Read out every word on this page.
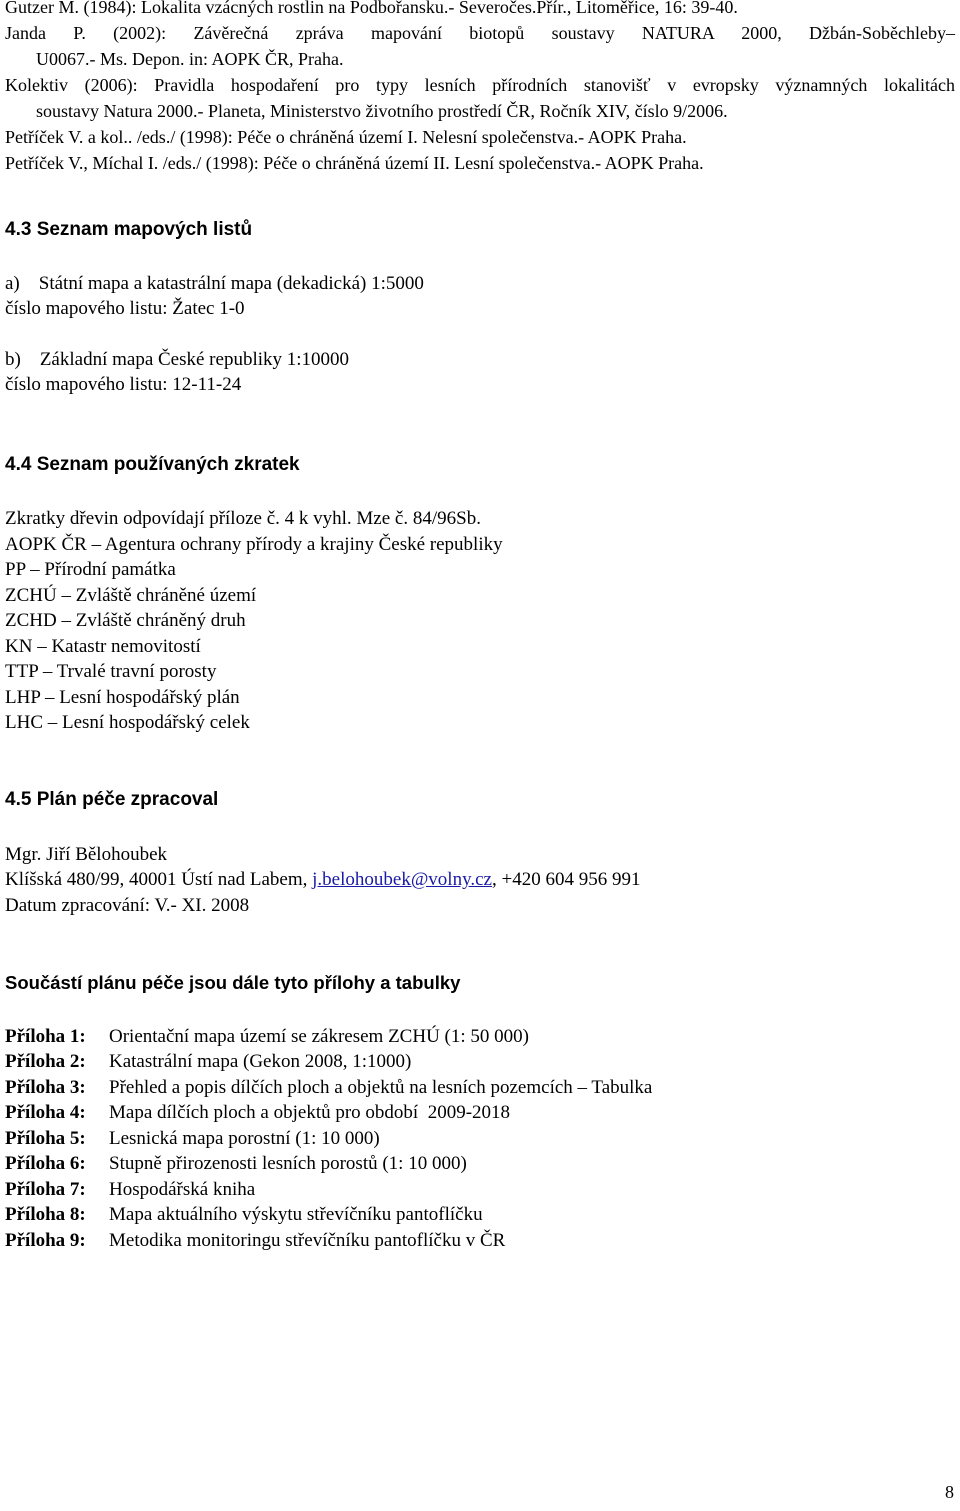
Gutzer M. (1984): Lokalita vzácných rostlin na Podbořansku.- Severočes.Přír., Litoměřice, 16: 39-40.
Janda P. (2002): Závěrečná zpráva mapování biotopů soustavy NATURA 2000, Džbán-Soběchleby–
U0067.- Ms. Depon. in: AOPK ČR, Praha.
Kolektiv (2006): Pravidla hospodaření pro typy lesních přírodních stanovišť v evropsky významných lokalitách
soustavy Natura 2000.- Planeta, Ministerstvo životního prostředí ČR, Ročník XIV, číslo 9/2006.
Petříček V. a kol.. /eds./ (1998): Péče o chráněná území I. Nelesní společenstva.- AOPK Praha.
Petříček V., Míchal I. /eds./ (1998): Péče o chráněná území II. Lesní společenstva.- AOPK Praha.
4.3 Seznam mapových listů
a)    Státní mapa a katastrální mapa (dekadická) 1:5000
číslo mapového listu: Žatec 1-0
b)    Základní mapa České republiky 1:10000
číslo mapového listu: 12-11-24
4.4 Seznam používaných zkratek
Zkratky dřevin odpovídají příloze č. 4 k vyhl. Mze č. 84/96Sb.
AOPK ČR – Agentura ochrany přírody a krajiny České republiky
PP – Přírodní památka
ZCHÚ – Zvláště chráněné území
ZCHD – Zvláště chráněný druh
KN – Katastr nemovitostí
TTP – Trvalé travní porosty
LHP – Lesní hospodářský plán
LHC – Lesní hospodářský celek
4.5 Plán péče zpracoval
Mgr. Jiří Bělohoubek
Klíšská 480/99, 40001 Ústí nad Labem, j.belohoubek@volny.cz, +420 604 956 991
Datum zpracování: V.- XI. 2008
Součástí plánu péče jsou dále tyto přílohy a tabulky
Příloha 1: Orientační mapa území se zákresem ZCHÚ (1: 50 000)
Příloha 2: Katastrální mapa (Gekon 2008, 1:1000)
Příloha 3: Přehled a popis dílčích ploch a objektů na lesních pozemcích – Tabulka
Příloha 4: Mapa dílčích ploch a objektů pro období  2009-2018
Příloha 5: Lesnická mapa porostní (1: 10 000)
Příloha 6: Stupně přirozenosti lesních porostů (1: 10 000)
Příloha 7: Hospodářská kniha
Příloha 8: Mapa aktuálního výskytu střevíčníku pantoflíčku
Příloha 9: Metodika monitoringu střevíčníku pantoflíčku v ČR
8
